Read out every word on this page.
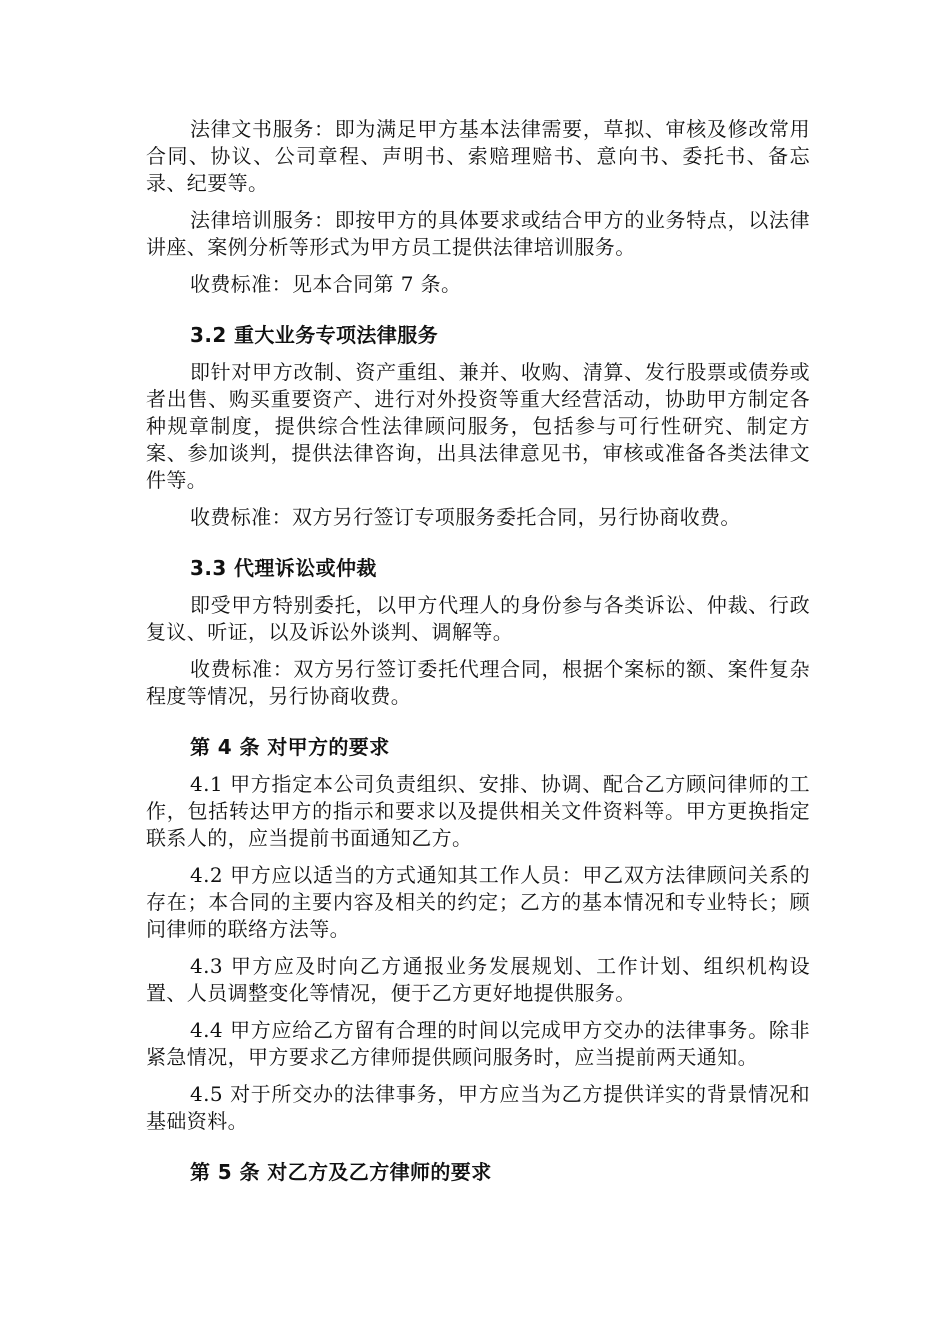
法律文书服务：即为满足甲方基本法律需要，草拟、审核及修改常用合同、协议、公司章程、声明书、索赔理赔书、意向书、委托书、备忘录、纪要等。

法律培训服务：即按甲方的具体要求或结合甲方的业务特点，以法律讲座、案例分析等形式为甲方员工提供法律培训服务。

收费标准：见本合同第 7 条。

3.2 重大业务专项法律服务

即针对甲方改制、资产重组、兼并、收购、清算、发行股票或债券或者出售、购买重要资产、进行对外投资等重大经营活动，协助甲方制定各种规章制度，提供综合性法律顾问服务，包括参与可行性研究、制定方案、参加谈判，提供法律咨询，出具法律意见书，审核或准备各类法律文件等。

收费标准：双方另行签订专项服务委托合同，另行协商收费。

3.3 代理诉讼或仲裁

即受甲方特别委托，以甲方代理人的身份参与各类诉讼、仲裁、行政复议、听证，以及诉讼外谈判、调解等。

收费标准：双方另行签订委托代理合同，根据个案标的额、案件复杂程度等情况，另行协商收费。

第 4 条 对甲方的要求

4.1 甲方指定本公司负责组织、安排、协调、配合乙方顾问律师的工作，包括转达甲方的指示和要求以及提供相关文件资料等。甲方更换指定联系人的，应当提前书面通知乙方。

4.2 甲方应以适当的方式通知其工作人员：甲乙双方法律顾问关系的存在；本合同的主要内容及相关的约定；乙方的基本情况和专业特长；顾问律师的联络方法等。

4.3 甲方应及时向乙方通报业务发展规划、工作计划、组织机构设置、人员调整变化等情况，便于乙方更好地提供服务。

4.4 甲方应给乙方留有合理的时间以完成甲方交办的法律事务。除非紧急情况，甲方要求乙方律师提供顾问服务时，应当提前两天通知。

4.5 对于所交办的法律事务，甲方应当为乙方提供详实的背景情况和基础资料。

第 5 条 对乙方及乙方律师的要求
